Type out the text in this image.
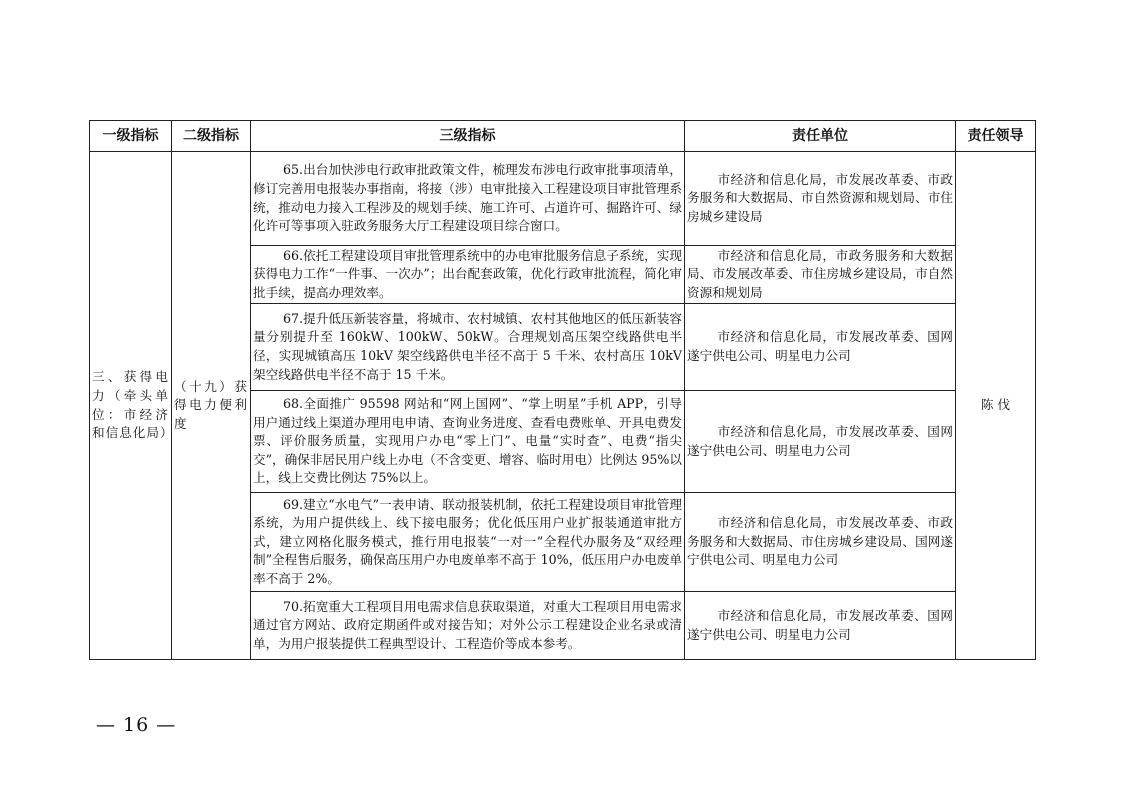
一级指标	二级指标	三级指标	责任单位	责任领导
三、获得电力（牵头单位：市经济和信息化局）	（十九）获得电力便利度	65.出台加快涉电行政审批政策文件，梳理发布涉电行政审批事项清单，修订完善用电报装办事指南，将接（涉）电审批接入工程建设项目审批管理系统，推动电力接入工程涉及的规划手续、施工许可、占道许可、掘路许可、绿化许可等事项入驻政务服务大厅工程建设项目综合窗口。	市经济和信息化局，市发展改革委、市政务服务和大数据局、市自然资源和规划局、市住房城乡建设局	陈 伐
		66.依托工程建设项目审批管理系统中的办电审批服务信息子系统，实现获得电力工作“一件事、一次办”；出台配套政策，优化行政审批流程，简化审批手续，提高办理效率。	市经济和信息化局，市政务服务和大数据局、市发展改革委、市住房城乡建设局，市自然资源和规划局	
		67.提升低压新装容量，将城市、农村城镇、农村其他地区的低压新装容量分别提升至 160kW、100kW、50kW。合理规划高压架空线路供电半径，实现城镇高压 10kV 架空线路供电半径不高于 5 千米、农村高压 10kV 架空线路供电半径不高于 15 千米。	市经济和信息化局，市发展改革委、国网遂宁供电公司、明星电力公司	
		68.全面推广 95598 网站和“网上国网”、“掌上明星”手机 APP，引导用户通过线上渠道办理用电申请、查询业务进度、查看电费账单、开具电费发票、评价服务质量，实现用户办电“零上门”、电量“实时查”、电费“指尖交”，确保非居民用户线上办电（不含变更、增容、临时用电）比例达 95%以上，线上交费比例达 75%以上。	市经济和信息化局，市发展改革委、国网遂宁供电公司、明星电力公司	
		69.建立“水电气”一表申请、联动报装机制，依托工程建设项目审批管理系统，为用户提供线上、线下接电服务；优化低压用户业扩报装通道审批方式，建立网格化服务模式，推行用电报装“一对一”全程代办服务及“双经理制”全程售后服务，确保高压用户办电废单率不高于 10%，低压用户办电废单率不高于 2%。	市经济和信息化局，市发展改革委、市政务服务和大数据局、市住房城乡建设局、国网遂宁供电公司、明星电力公司	
		70.拓宽重大工程项目用电需求信息获取渠道，对重大工程项目用电需求通过官方网站、政府定期函件或对接告知；对外公示工程建设企业名录或清单，为用户报装提供工程典型设计、工程造价等成本参考。	市经济和信息化局，市发展改革委、国网遂宁供电公司、明星电力公司	
— 16 —
